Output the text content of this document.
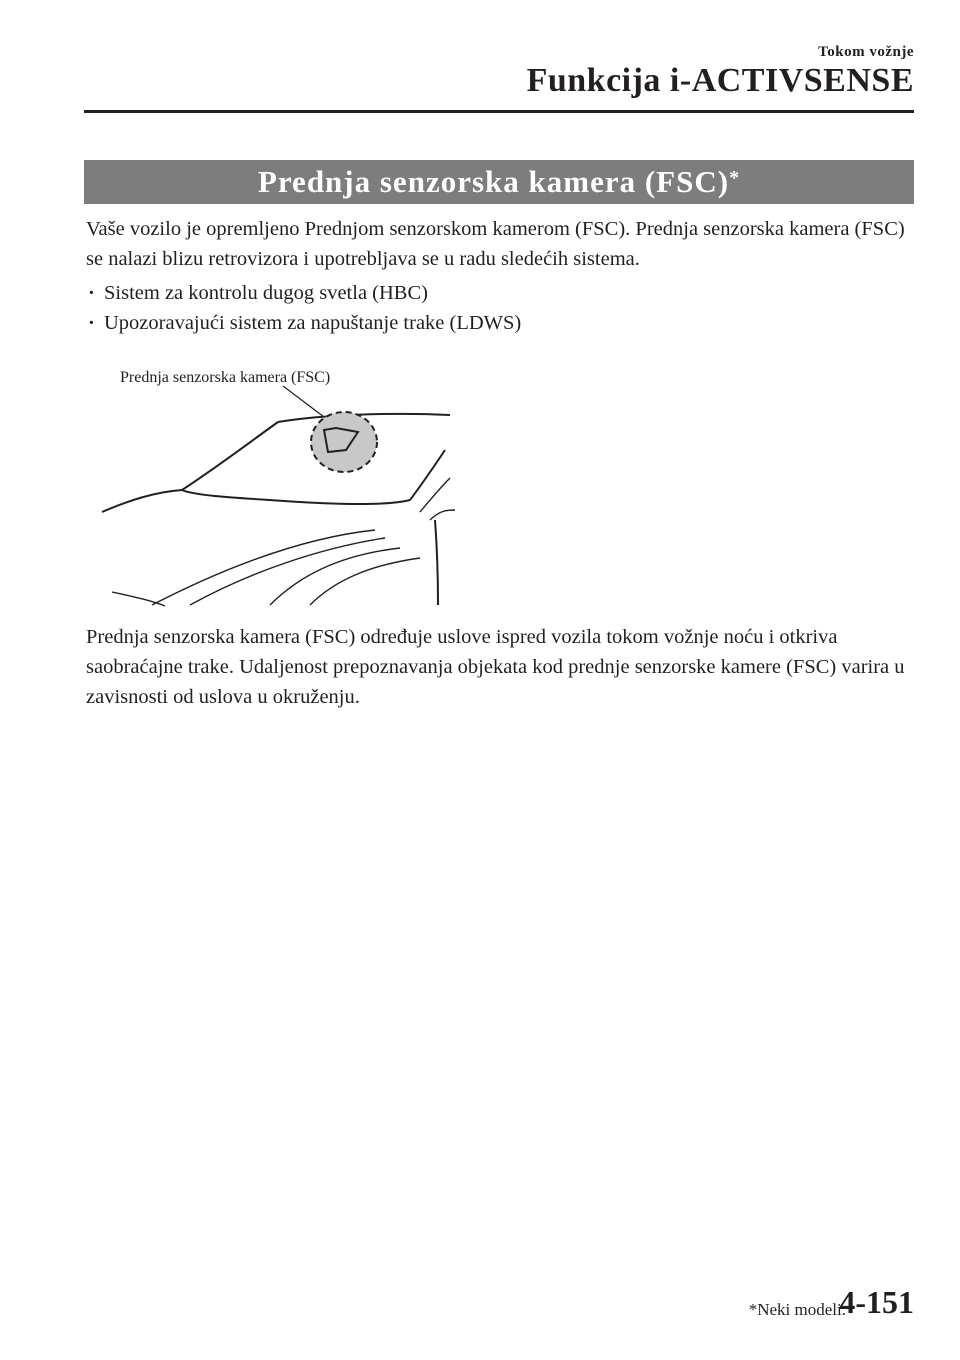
Tokom vožnje
Funkcija i-ACTIVSENSE
Prednja senzorska kamera (FSC)*
Vaše vozilo je opremljeno Prednjom senzorskom kamerom (FSC). Prednja senzorska kamera (FSC) se nalazi blizu retrovizora i upotrebljava se u radu sledećih sistema.
· Sistem za kontrolu dugog svetla (HBC)
· Upozoravajući sistem za napuštanje trake (LDWS)
Prednja senzorska kamera (FSC)
Prednja senzorska kamera (FSC) određuje uslove ispred vozila tokom vožnje noću i otkriva saobraćajne trake. Udaljenost prepoznavanja objekata kod prednje senzorske kamere (FSC) varira u zavisnosti od uslova u okruženju.
*Neki modeli.
4-151
